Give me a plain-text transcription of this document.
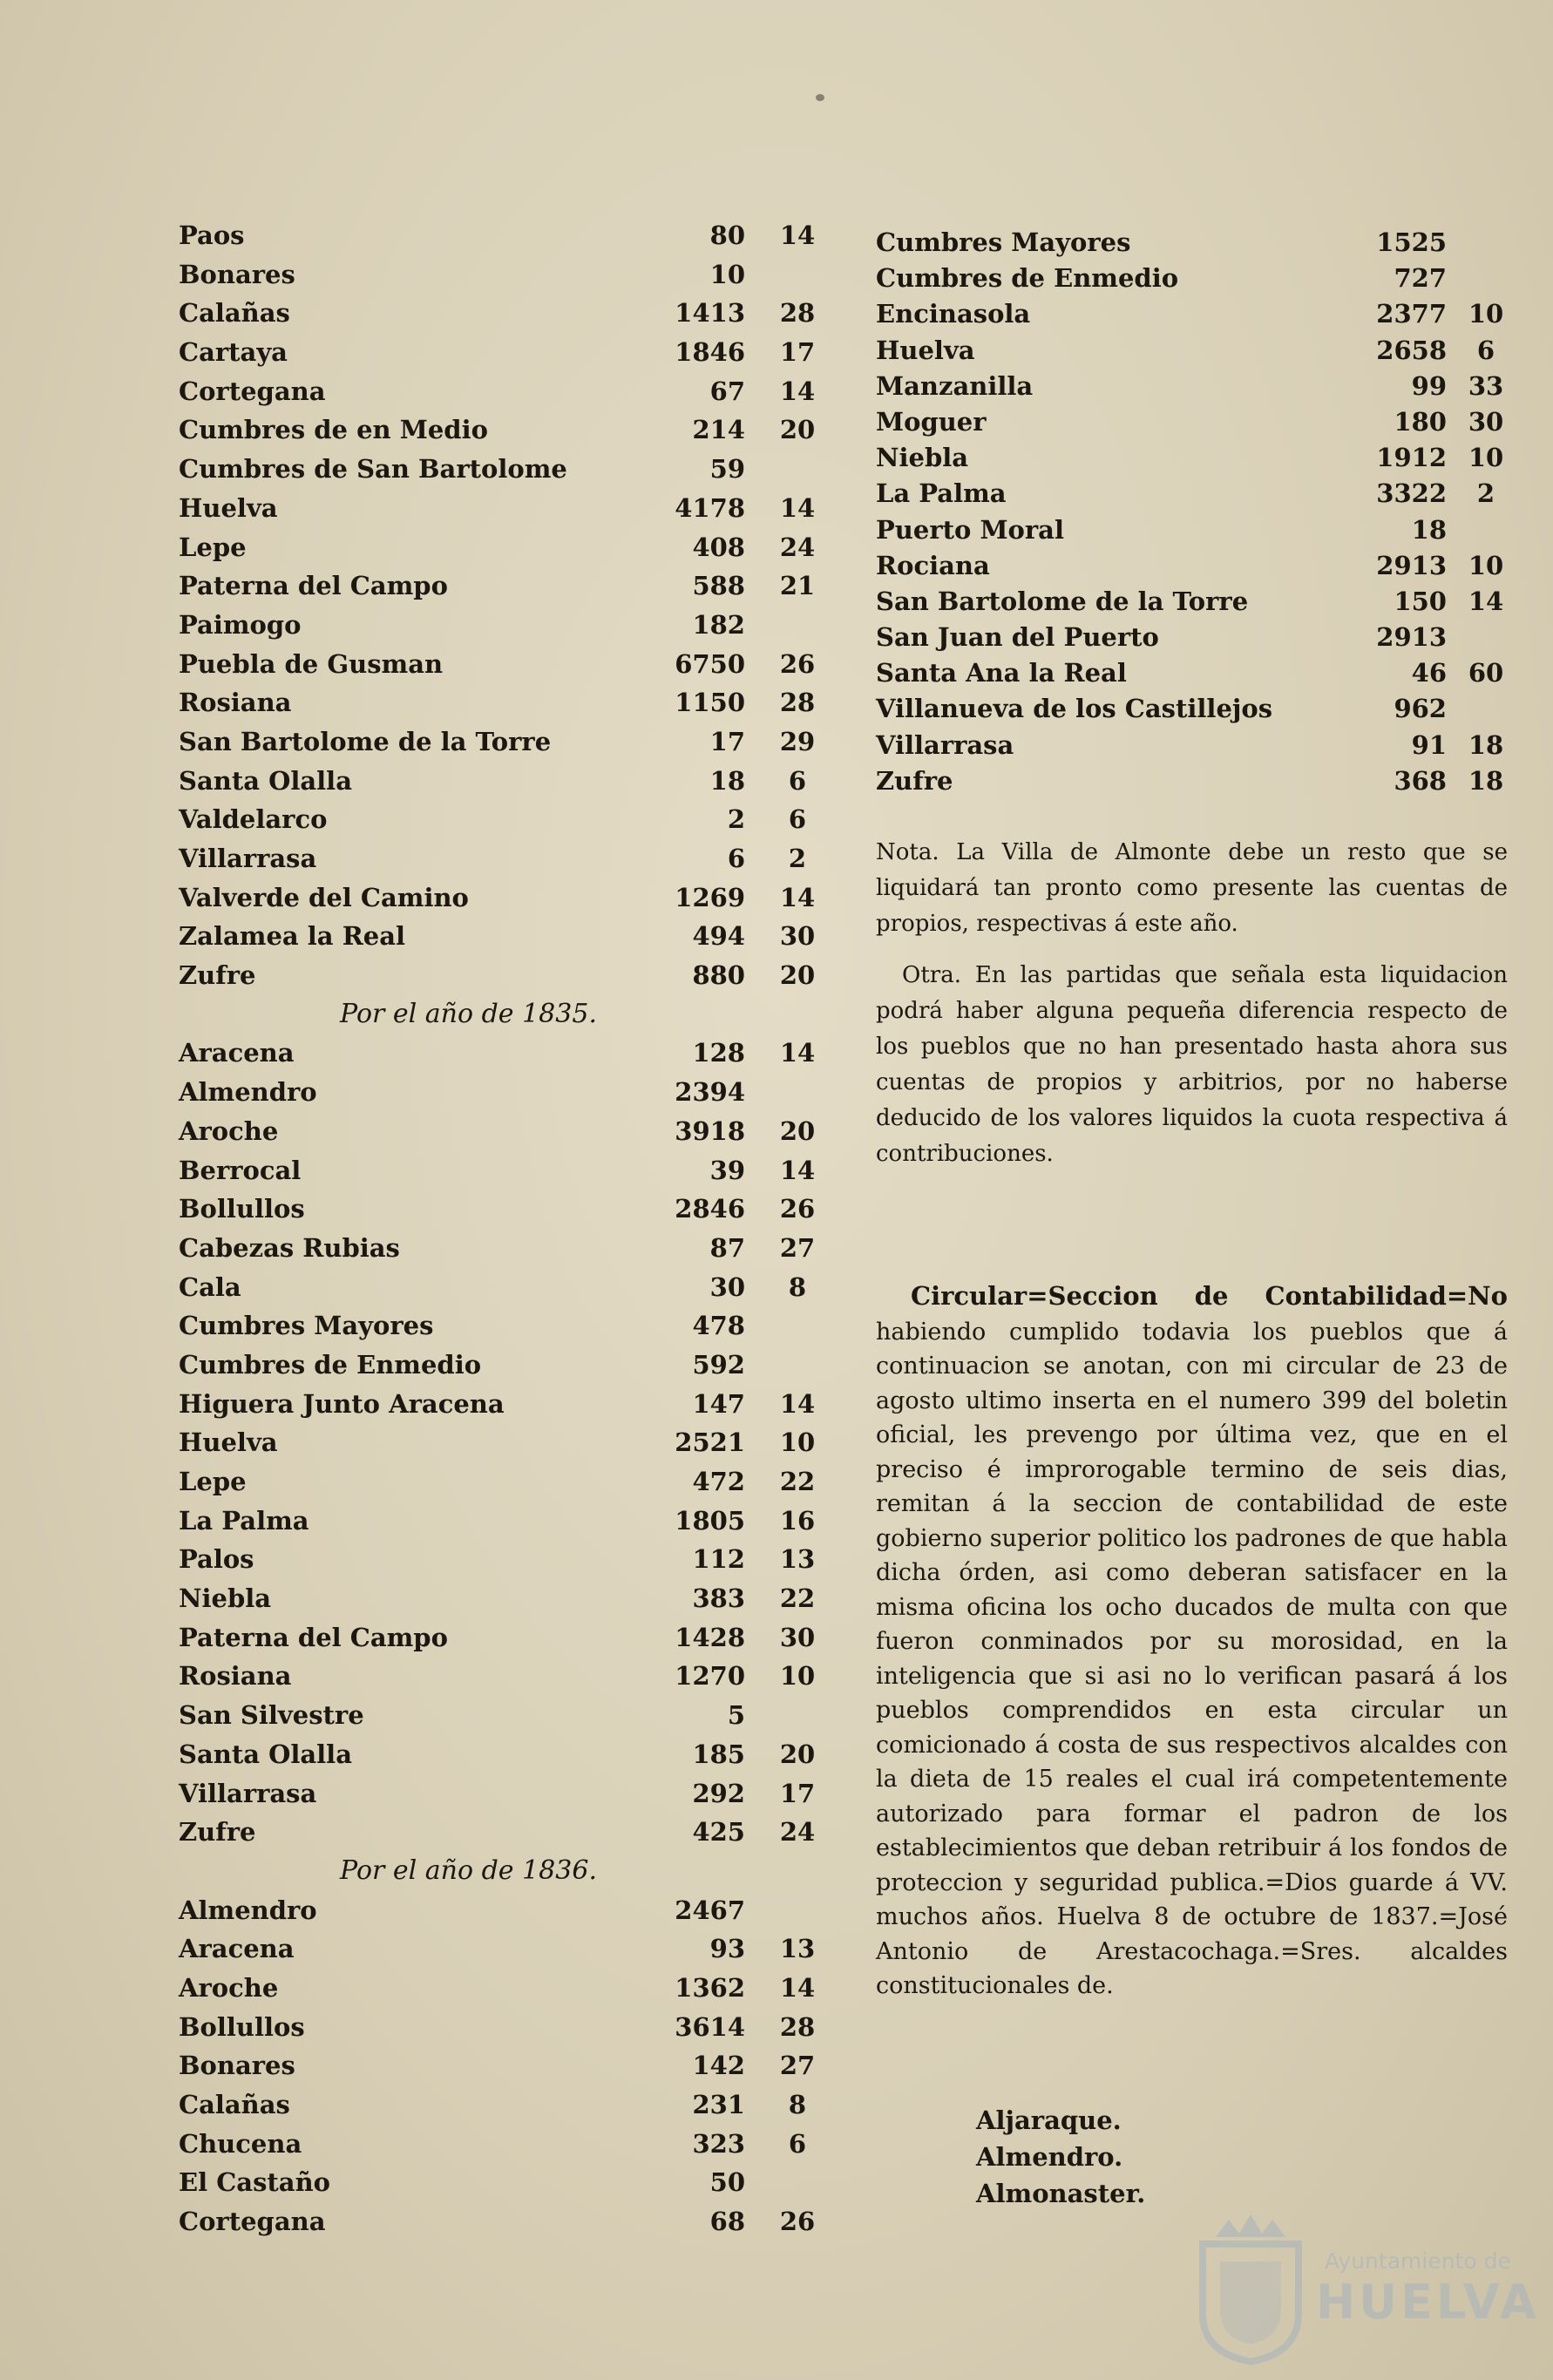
Paos	80	14
Bonares	10
Calañas	1413	28
Cartaya	1846	17
Cortegana	67	14
Cumbres de en Medio	214	20
Cumbres de San Bartolome	59
Huelva	4178	14
Lepe	408	24
Paterna del Campo	588	21
Paimogo	182
Puebla de Gusman	6750	26
Rosiana	1150	28
San Bartolome de la Torre	17	29
Santa Olalla	18	6
Valdelarco	2	6
Villarrasa	6	2
Valverde del Camino	1269	14
Zalamea la Real	494	30
Zufre	880	20
Por el año de 1835.
Aracena	128	14
Almendro	2394
Aroche	3918	20
Berrocal	39	14
Bollullos	2846	26
Cabezas Rubias	87	27
Cala	30	8
Cumbres Mayores	478
Cumbres de Enmedio	592
Higuera Junto Aracena	147	14
Huelva	2521	10
Lepe	472	22
La Palma	1805	16
Palos	112	13
Niebla	383	22
Paterna del Campo	1428	30
Rosiana	1270	10
San Silvestre	5
Santa Olalla	185	20
Villarrasa	292	17
Zufre	425	24
Por el año de 1836.
Almendro	2467
Aracena	93	13
Aroche	1362	14
Bollullos	3614	28
Bonares	142	27
Calañas	231	8
Chucena	323	6
El Castaño	50
Cortegana	68	26
Cumbres Mayores	1525
Cumbres de Enmedio	727
Encinasola	2377 10
Huelva	2658	6
Manzanilla	99 33
Moguer	180 30
Niebla	1912 10
La Palma	3322	2
Puerto Moral	18
Rociana	2913 10
San Bartolome de la Torre	150 14
San Juan del Puerto	2913
Santa Ana la Real	46 60
Villanueva de los Castillejos	962
Villarrasa	91 18
Zufre	368 18

Nota. La Villa de Almonte debe un resto que se liquidará tan pronto como presente las cuentas de propios, respectivas á este año.

Otra. En las partidas que señala esta liquidacion podrá haber alguna pequeña diferencia respecto de los pueblos que no han presentado hasta ahora sus cuentas de propios y arbitrios, por no haberse deducido de los valores liquidos la cuota respectiva á contribuciones.

Circular=Seccion de Contabilidad=No habiendo cumplido todavia los pueblos que á continuacion se anotan, con mi circular de 23 de agosto ultimo inserta en el numero 399 del boletin oficial, les prevengo por última vez, que en el preciso é improrogable termino de seis dias, remitan á la seccion de contabilidad de este gobierno superior politico los padrones de que habla dicha órden, asi como deberan satisfacer en la misma oficina los ocho ducados de multa con que fueron conminados por su morosidad, en la inteligencia que si asi no lo verifican pasará á los pueblos comprendidos en esta circular un comicionado á costa de sus respectivos alcaldes con la dieta de 15 reales el cual irá competentemente autorizado para formar el padron de los establecimientos que deban retribuir á los fondos de proteccion y seguridad publica.=Dios guarde á VV. muchos años. Huelva 8 de octubre de 1837.=José Antonio de Arestacochaga.=Sres. alcaldes constitucionales de.

Aljaraque.
Almendro.
Almonaster.
Ayuntamiento de
HUELVA
